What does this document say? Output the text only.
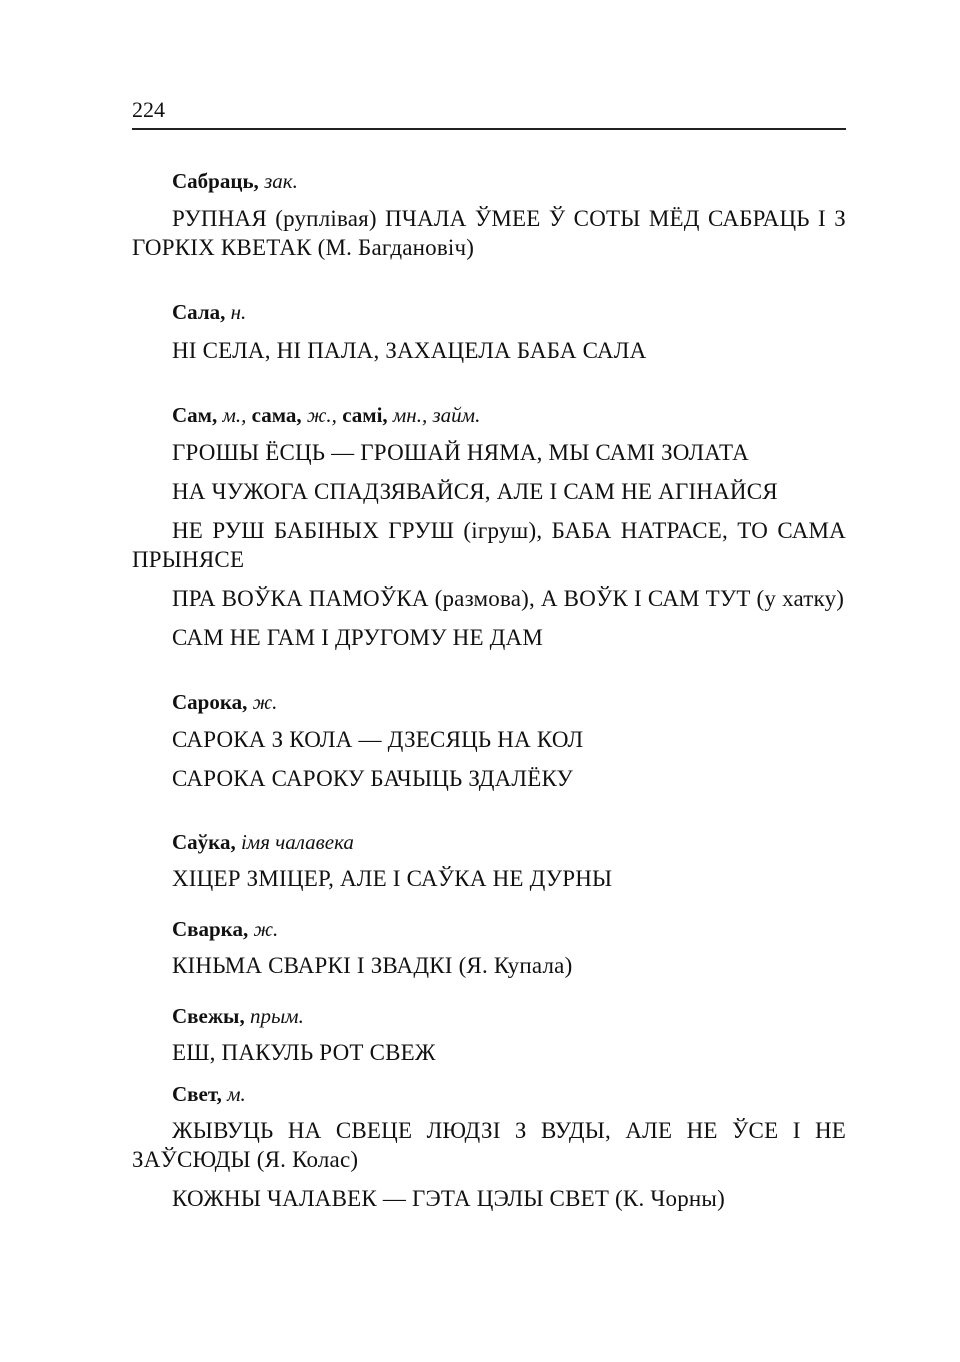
224

Сабраць, зак.

РУПНАЯ (руплівая) ПЧАЛА ЎМЕЕ Ў СОТЫ МЁД САБРАЦЬ І З ГОРКІХ КВЕТАК (М. Багдановіч)

Сала, н.

НІ СЕЛА, НІ ПАЛА, ЗАХАЦЕЛА БАБА САЛА

Сам, м., сама, ж., самі, мн., займ.

ГРОШЫ ЁСЦЬ — ГРОШАЙ НЯМА, МЫ САМІ ЗОЛАТА

НА ЧУЖОГА СПАДЗЯВАЙСЯ, АЛЕ І САМ НЕ АГІНАЙСЯ

НЕ РУШ БАБІНЫХ ГРУШ (ігруш), БАБА НАТРАСЕ, ТО САМА ПРЫНЯСЕ

ПРА ВОЎКА ПАМОЎКА (размова), А ВОЎК І САМ ТУТ (у хатку)

САМ НЕ ГАМ І ДРУГОМУ НЕ ДАМ

Сарока, ж.

САРОКА З КОЛА — ДЗЕСЯЦЬ НА КОЛ

САРОКА САРОКУ БАЧЫЦЬ ЗДАЛЁКУ

Саўка, імя чалавека

ХІЦЕР ЗМІЦЕР, АЛЕ І САЎКА НЕ ДУРНЫ

Сварка, ж.

КІНЬМА СВАРКІ І ЗВАДКІ (Я. Купала)

Свежы, прым.

ЕШ, ПАКУЛЬ РОТ СВЕЖ

Свет, м.

ЖЫВУЦЬ НА СВЕЦЕ ЛЮДЗІ З ВУДЫ, АЛЕ НЕ ЎСЕ І НЕ ЗАЎСЮДЫ (Я. Колас)

КОЖНЫ ЧАЛАВЕК — ГЭТА ЦЭЛЫ СВЕТ (К. Чорны)
